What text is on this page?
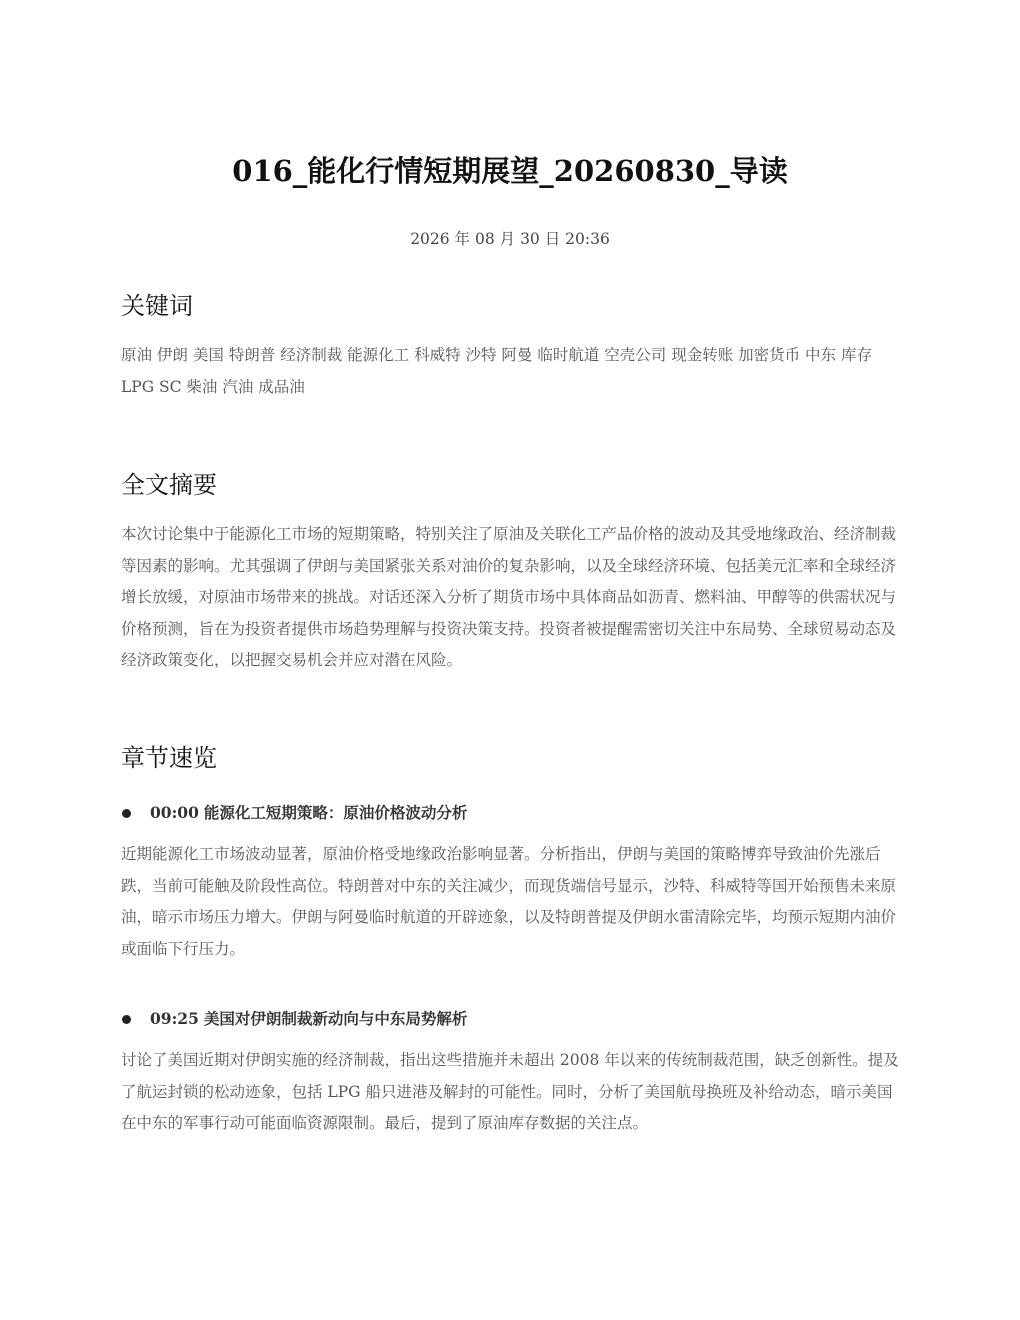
016_能化行情短期展望_20260830_导读
2026 年 08 月 30 日 20:36
关键词

原油 伊朗 美国 特朗普 经济制裁 能源化工 科威特 沙特 阿曼 临时航道 空壳公司 现金转账 加密货币 中东 库存 LPG SC 柴油 汽油 成品油

全文摘要

本次讨论集中于能源化工市场的短期策略，特别关注了原油及关联化工产品价格的波动及其受地缘政治、经济制裁等因素的影响。尤其强调了伊朗与美国紧张关系对油价的复杂影响，以及全球经济环境、包括美元汇率和全球经济增长放缓，对原油市场带来的挑战。对话还深入分析了期货市场中具体商品如沥青、燃料油、甲醇等的供需状况与价格预测，旨在为投资者提供市场趋势理解与投资决策支持。投资者被提醒需密切关注中东局势、全球贸易动态及经济政策变化，以把握交易机会并应对潜在风险。

章节速览
00:00 能源化工短期策略：原油价格波动分析

近期能源化工市场波动显著，原油价格受地缘政治影响显著。分析指出，伊朗与美国的策略博弈导致油价先涨后跌，当前可能触及阶段性高位。特朗普对中东的关注减少，而现货端信号显示，沙特、科威特等国开始预售未来原油，暗示市场压力增大。伊朗与阿曼临时航道的开辟迹象，以及特朗普提及伊朗水雷清除完毕，均预示短期内油价或面临下行压力。

09:25 美国对伊朗制裁新动向与中东局势解析

讨论了美国近期对伊朗实施的经济制裁，指出这些措施并未超出 2008 年以来的传统制裁范围，缺乏创新性。提及了航运封锁的松动迹象，包括 LPG 船只进港及解封的可能性。同时，分析了美国航母换班及补给动态，暗示美国在中东的军事行动可能面临资源限制。最后，提到了原油库存数据的关注点。
